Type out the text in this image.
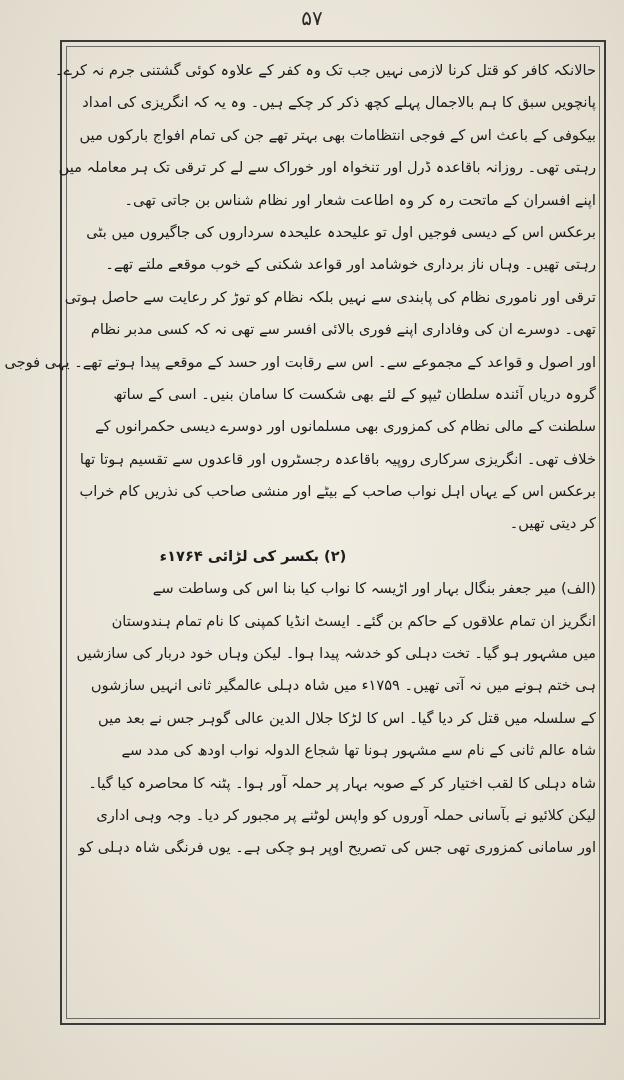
۵۷
حالانکہ کافر کو قتل کرنا لازمی نہیں جب تک وہ کفر کے علاوہ کوئی گشتنی جرم نہ کرے۔
پانچویں سبق کا ہم بالاجمال پہلے کچھ ذکر کر چکے ہیں۔ وہ یہ کہ انگریزی کی امداد
بیکوفی کے باعث اس کے فوجی انتظامات بھی بہتر تھے جن کی تمام افواج بارکوں میں
رہتی تھی۔ روزانہ باقاعدہ ڈرل اور تنخواہ اور خوراک سے لے کر ترقی تک ہر معاملہ میں
اپنے افسران کے ماتحت رہ کر وہ اطاعت شعار اور نظام شناس بن جاتی تھی۔
برعکس اس کے دیسی فوجیں اول تو علیحدہ علیحدہ سرداروں کی جاگیروں میں بٹی
رہتی تھیں۔ وہاں ناز برداری خوشامد اور قواعد شکنی کے خوب موقعے ملتے تھے۔
ترقی اور ناموری نظام کی پابندی سے نہیں بلکہ نظام کو توڑ کر رعایت سے حاصل ہوتی
تھی۔ دوسرے ان کی وفاداری اپنے فوری بالائی افسر سے تھی نہ کہ کسی مدبر نظام
اور اصول و قواعد کے مجموعے سے۔ اس سے رقابت اور حسد کے موقعے پیدا ہوتے تھے۔ یہی فوجی
گروہ دریاں آئندہ سلطان ٹیپو کے لئے بھی شکست کا سامان بنیں۔ اسی کے ساتھ
سلطنت کے مالی نظام کی کمزوری بھی مسلمانوں اور دوسرے دیسی حکمرانوں کے
خلاف تھی۔ انگریزی سرکاری روپیہ باقاعدہ رجسٹروں اور قاعدوں سے تقسیم ہوتا تھا
برعکس اس کے یہاں اہل نواب صاحب کے بیٹے اور منشی صاحب کی نذریں کام خراب
کر دیتی تھیں۔
(۲) بکسر کی لڑائی ۱۷۶۴ء
(الف) میر جعفر بنگال بہار اور اڑیسہ کا نواب کیا بنا اس کی وساطت سے
انگریز ان تمام علاقوں کے حاکم بن گئے۔ ایسٹ انڈیا کمپنی کا نام تمام ہندوستان
میں مشہور ہو گیا۔ تخت دہلی کو خدشہ پیدا ہوا۔ لیکن وہاں خود دربار کی سازشیں
ہی ختم ہونے میں نہ آتی تھیں۔ ۱۷۵۹ء میں شاہ دہلی عالمگیر ثانی انہیں سازشوں
کے سلسلہ میں قتل کر دیا گیا۔ اس کا لڑکا جلال الدین عالی گوہر جس نے بعد میں
شاہ عالم ثانی کے نام سے مشہور ہونا تھا شجاع الدولہ نواب اودھ کی مدد سے
شاہ دہلی کا لقب اختیار کر کے صوبہ بہار پر حملہ آور ہوا۔ پٹنہ کا محاصرہ کیا گیا۔
لیکن کلائیو نے بآسانی حملہ آوروں کو واپس لوٹنے پر مجبور کر دیا۔ وجہ وہی اداری
اور سامانی کمزوری تھی جس کی تصریح اوپر ہو چکی ہے۔ یوں فرنگی شاہ دہلی کو
